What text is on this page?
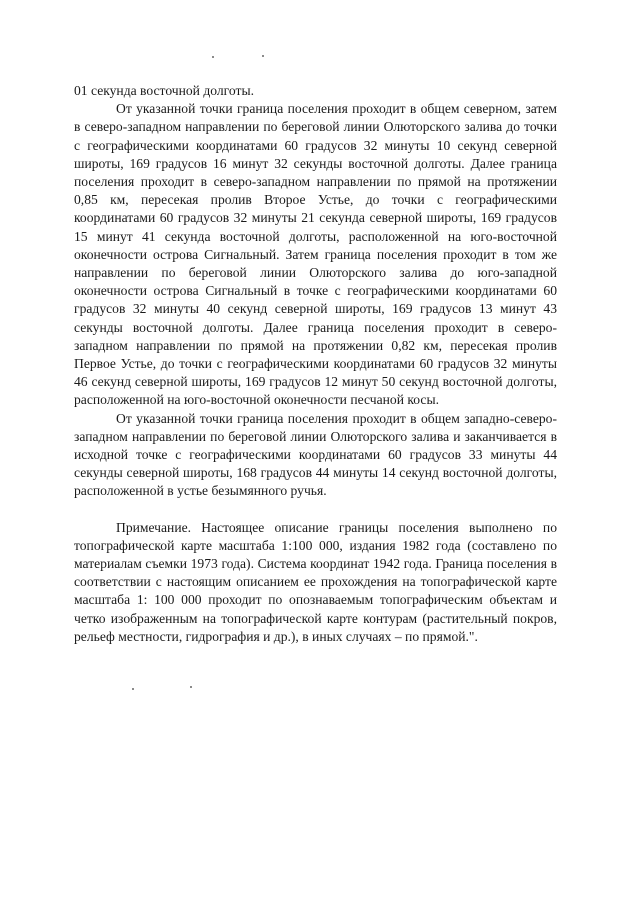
01 секунда восточной долготы.

От указанной точки граница поселения проходит в общем северном, затем в северо-западном направлении по береговой линии Олюторского залива до точки с географическими координатами 60 градусов 32 минуты 10 секунд северной широты, 169 градусов 16 минут 32 секунды восточной долготы. Далее граница поселения проходит в северо-западном направлении по прямой на протяжении 0,85 км, пересекая пролив Второе Устье, до точки с географическими координатами 60 градусов 32 минуты 21 секунда северной широты, 169 градусов 15 минут 41 секунда восточной долготы, расположенной на юго-восточной оконечности острова Сигнальный. Затем граница поселения проходит в том же направлении по береговой линии Олюторского залива до юго-западной оконечности острова Сигнальный в точке с географическими координатами 60 градусов 32 минуты 40 секунд северной широты, 169 градусов 13 минут 43 секунды восточной долготы. Далее граница поселения проходит в северо-западном направлении по прямой на протяжении 0,82 км, пересекая пролив Первое Устье, до точки с географическими координатами 60 градусов 32 минуты 46 секунд северной широты, 169 градусов 12 минут 50 секунд восточной долготы, расположенной на юго-восточной оконечности песчаной косы.

От указанной точки граница поселения проходит в общем западно-северо-западном направлении по береговой линии Олюторского залива и заканчивается в исходной точке с географическими координатами 60 градусов 33 минуты 44 секунды северной широты, 168 градусов 44 минуты 14 секунд восточной долготы, расположенной в устье безымянного ручья.

Примечание. Настоящее описание границы поселения выполнено по топографической карте масштаба 1:100 000, издания 1982 года (составлено по материалам съемки 1973 года). Система координат 1942 года. Граница поселения в соответствии с настоящим описанием ее прохождения на топографической карте масштаба 1: 100 000 проходит по опознаваемым топографическим объектам и четко изображенным на топографической карте контурам (растительный покров, рельеф местности, гидрография и др.), в иных случаях – по прямой.".
